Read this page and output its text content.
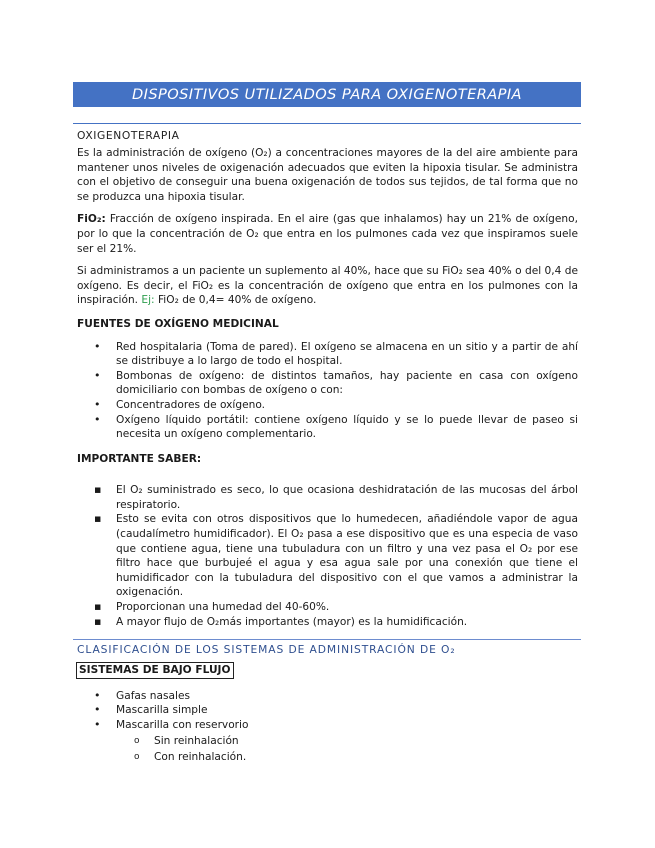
DISPOSITIVOS UTILIZADOS PARA OXIGENOTERAPIA
OXIGENOTERAPIA

Es la administración de oxígeno (O₂) a concentraciones mayores de la del aire ambiente para mantener unos niveles de oxigenación adecuados que eviten la hipoxia tisular. Se administra con el objetivo de conseguir una buena oxigenación de todos sus tejidos, de tal forma que no se produzca una hipoxia tisular.

FiO₂: Fracción de oxígeno inspirada. En el aire (gas que inhalamos) hay un 21% de oxígeno, por lo que la concentración de O₂ que entra en los pulmones cada vez que inspiramos suele ser el 21%.

Si administramos a un paciente un suplemento al 40%, hace que su FiO₂ sea 40% o del 0,4 de oxígeno. Es decir, el FiO₂ es la concentración de oxígeno que entra en los pulmones con la inspiración. Ej: FiO₂ de 0,4= 40% de oxígeno.

FUENTES DE OXÍGENO MEDICINAL
• Red hospitalaria (Toma de pared). El oxígeno se almacena en un sitio y a partir de ahí se distribuye a lo largo de todo el hospital.
• Bombonas de oxígeno: de distintos tamaños, hay paciente en casa con oxígeno domiciliario con bombas de oxígeno o con:
• Concentradores de oxígeno.
• Oxígeno líquido portátil: contiene oxígeno líquido y se lo puede llevar de paseo si necesita un oxígeno complementario.
IMPORTANTE SABER:
▪ El O₂ suministrado es seco, lo que ocasiona deshidratación de las mucosas del árbol respiratorio.
▪ Esto se evita con otros dispositivos que lo humedecen, añadiéndole vapor de agua (caudalímetro humidificador). El O₂ pasa a ese dispositivo que es una especia de vaso que contiene agua, tiene una tubuladura con un filtro y una vez pasa el O₂ por ese filtro hace que burbujeé el agua y esa agua sale por una conexión que tiene el humidificador con la tubuladura del dispositivo con el que vamos a administrar la oxigenación.
▪ Proporcionan una humedad del 40-60%.
▪ A mayor flujo de O₂más importantes (mayor) es la humidificación.
CLASIFICACIÓN DE LOS SISTEMAS DE ADMINISTRACIÓN DE O₂
SISTEMAS DE BAJO FLUJO
• Gafas nasales
• Mascarilla simple
• Mascarilla con reservorio
o Sin reinhalación
o Con reinhalación.
